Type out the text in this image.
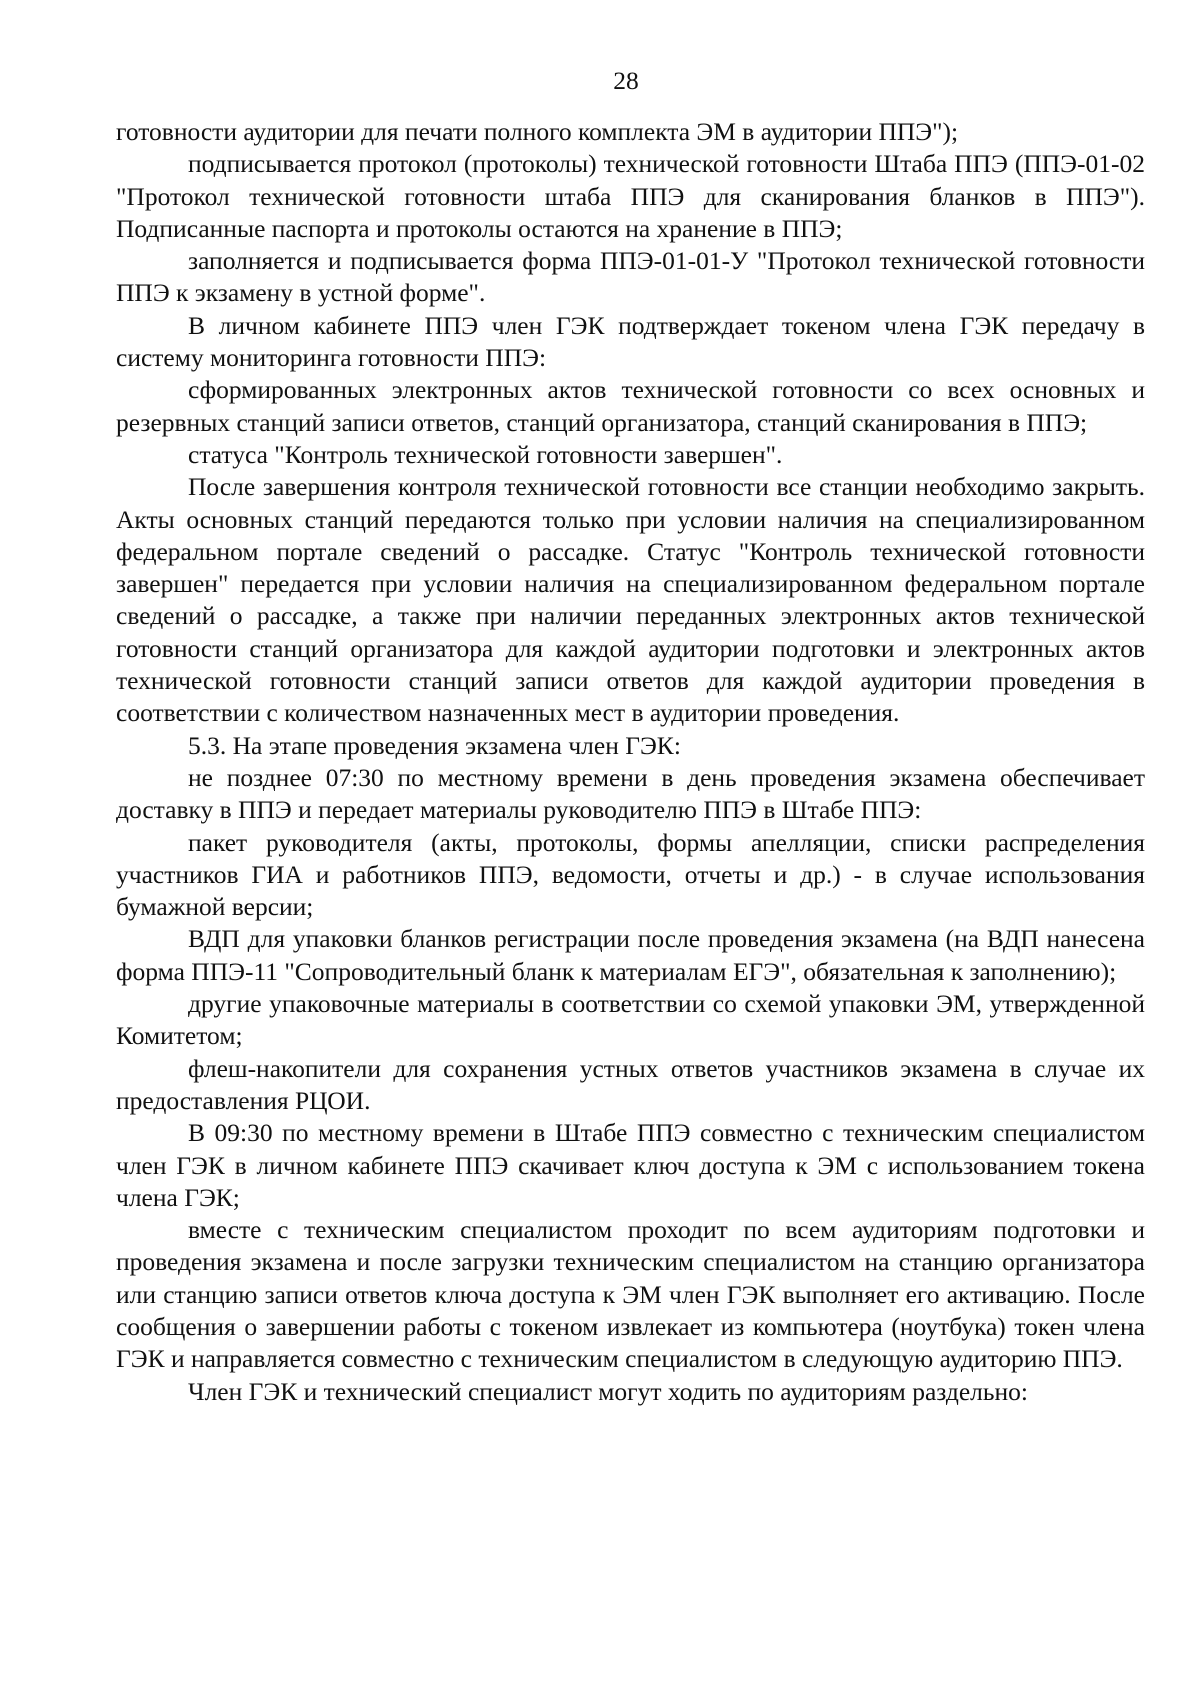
28

готовности аудитории для печати полного комплекта ЭМ в аудитории ППЭ");

подписывается протокол (протоколы) технической готовности Штаба ППЭ (ППЭ-01-02 "Протокол технической готовности штаба ППЭ для сканирования бланков в ППЭ"). Подписанные паспорта и протоколы остаются на хранение в ППЭ;

заполняется и подписывается форма ППЭ-01-01-У "Протокол технической готовности ППЭ к экзамену в устной форме".

В личном кабинете ППЭ член ГЭК подтверждает токеном члена ГЭК передачу в систему мониторинга готовности ППЭ:

сформированных электронных актов технической готовности со всех основных и резервных станций записи ответов, станций организатора, станций сканирования в ППЭ;

статуса "Контроль технической готовности завершен".

После завершения контроля технической готовности все станции необходимо закрыть. Акты основных станций передаются только при условии наличия на специализированном федеральном портале сведений о рассадке. Статус "Контроль технической готовности завершен" передается при условии наличия на специализированном федеральном портале сведений о рассадке, а также при наличии переданных электронных актов технической готовности станций организатора для каждой аудитории подготовки и электронных актов технической готовности станций записи ответов для каждой аудитории проведения в соответствии с количеством назначенных мест в аудитории проведения.

5.3. На этапе проведения экзамена член ГЭК:

не позднее 07:30 по местному времени в день проведения экзамена обеспечивает доставку в ППЭ и передает материалы руководителю ППЭ в Штабе ППЭ:

пакет руководителя (акты, протоколы, формы апелляции, списки распределения участников ГИА и работников ППЭ, ведомости, отчеты и др.) - в случае использования бумажной версии;

ВДП для упаковки бланков регистрации после проведения экзамена (на ВДП нанесена форма ППЭ-11 "Сопроводительный бланк к материалам ЕГЭ", обязательная к заполнению);

другие упаковочные материалы в соответствии со схемой упаковки ЭМ, утвержденной Комитетом;

флеш-накопители для сохранения устных ответов участников экзамена в случае их предоставления РЦОИ.

В 09:30 по местному времени в Штабе ППЭ совместно с техническим специалистом член ГЭК в личном кабинете ППЭ скачивает ключ доступа к ЭМ с использованием токена члена ГЭК;

вместе с техническим специалистом проходит по всем аудиториям подготовки и проведения экзамена и после загрузки техническим специалистом на станцию организатора или станцию записи ответов ключа доступа к ЭМ член ГЭК выполняет его активацию. После сообщения о завершении работы с токеном извлекает из компьютера (ноутбука) токен члена ГЭК и направляется совместно с техническим специалистом в следующую аудиторию ППЭ.

Член ГЭК и технический специалист могут ходить по аудиториям раздельно:
